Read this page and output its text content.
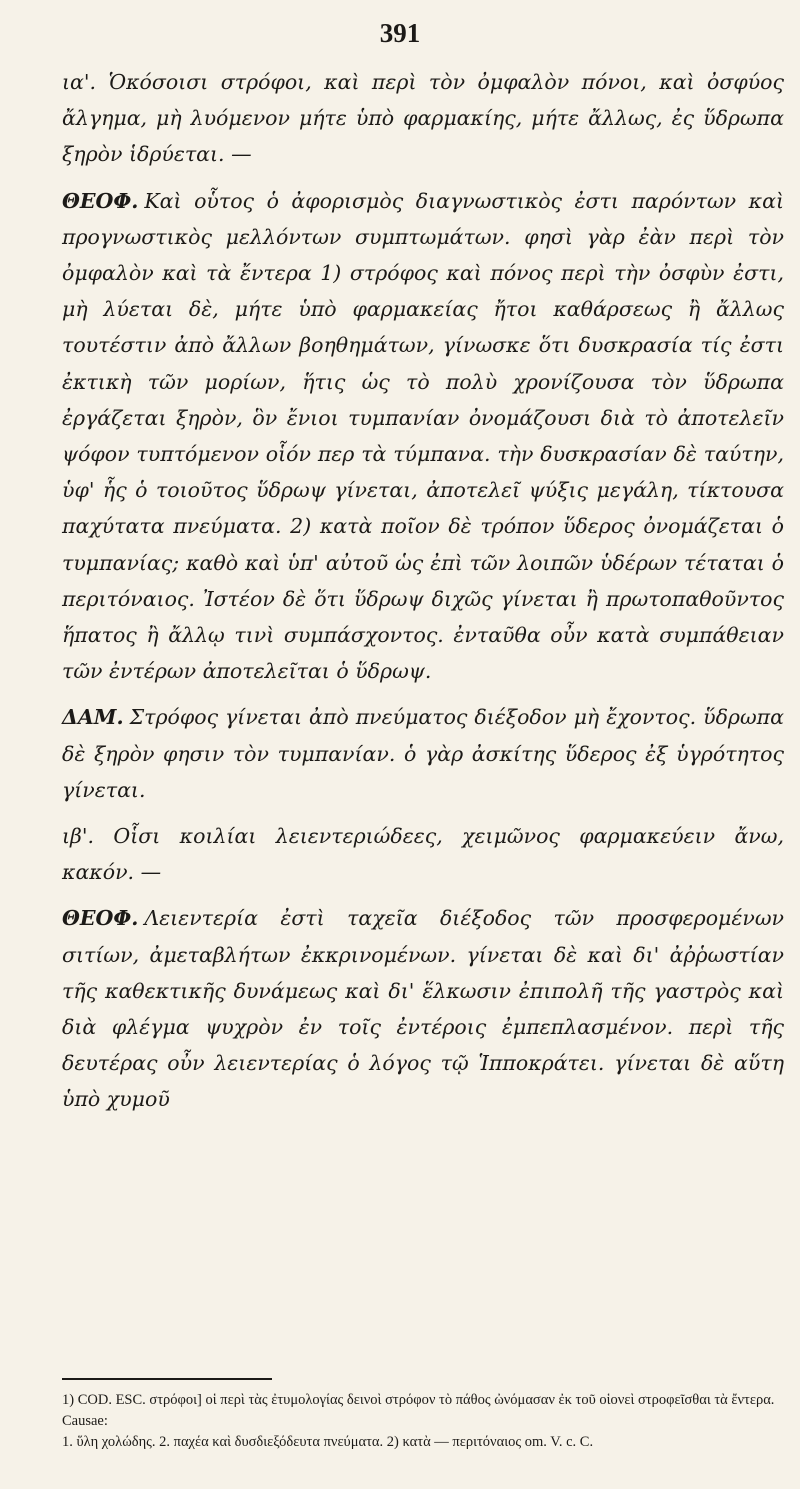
391

ια'. Ὁκόσοισι στρόφοι, καὶ περὶ τὸν ὀμφαλὸν πόνοι, καὶ ὀσφύος ἄλγημα, μὴ λυόμενον μήτε ὑπὸ φαρμακίης, μήτε ἄλλως, ἐς ὕδρωπα ξηρὸν ἱδρύεται. —

ΘΕΟΦ. Καὶ οὗτος ὁ ἀφορισμὸς διαγνωστικὸς ἐστι παρόντων καὶ προγνωστικὸς μελλόντων συμπτωμάτων. φησὶ γὰρ ἐὰν περὶ τὸν ὀμφαλὸν καὶ τὰ ἔντερα 1) στρόφος καὶ πόνος περὶ τὴν ὀσφὺν ἐστι, μὴ λύεται δὲ, μήτε ὑπὸ φαρμακείας ἤτοι καθάρσεως ἢ ἄλλως τουτέστιν ἀπὸ ἄλλων βοηθημάτων, γίνωσκε ὅτι δυσκρασία τίς ἐστι ἐκτικὴ τῶν μορίων, ἥτις ὡς τὸ πολὺ χρονίζουσα τὸν ὕδρωπα ἐργάζεται ξηρὸν, ὃν ἔνιοι τυμπανίαν ὀνομάζουσι διὰ τὸ ἀποτελεῖν ψόφον τυπτόμενον οἷόν περ τὰ τύμπανα. τὴν δυσκρασίαν δὲ ταύτην, ὑφ' ἧς ὁ τοιοῦτος ὕδρωψ γίνεται, ἀποτελεῖ ψύξις μεγάλη, τίκτουσα παχύτατα πνεύματα. 2) κατὰ ποῖον δὲ τρόπον ὕδερος ὀνομάζεται ὁ τυμπανίας; καθὸ καὶ ὑπ' αὐτοῦ ὡς ἐπὶ τῶν λοιπῶν ὑδέρων τέταται ὁ περιτόναιος. Ἰστέον δὲ ὅτι ὕδρωψ διχῶς γίνεται ἢ πρωτοπαθοῦντος ἥπατος ἢ ἄλλῳ τινὶ συμπάσχοντος. ἐνταῦθα οὖν κατὰ συμπάθειαν τῶν ἐντέρων ἀποτελεῖται ὁ ὕδρωψ.

ΔΑΜ. Στρόφος γίνεται ἀπὸ πνεύματος διέξοδον μὴ ἔχοντος. ὕδρωπα δὲ ξηρὸν φησιν τὸν τυμπανίαν. ὁ γὰρ ἀσκίτης ὕδερος ἐξ ὑγρότητος γίνεται.

ιβ'. Οἷσι κοιλίαι λειεντεριώδεες, χειμῶνος φαρμακεύειν ἄνω, κακόν. —

ΘΕΟΦ. Λειεντερία ἐστὶ ταχεῖα διέξοδος τῶν προσφερομένων σιτίων, ἀμεταβλήτων ἐκκρινομένων. γίνεται δὲ καὶ δι' ἀῤῥωστίαν τῆς καθεκτικῆς δυνάμεως καὶ δι' ἕλκωσιν ἐπιπολῆ τῆς γαστρὸς καὶ διὰ φλέγμα ψυχρὸν ἐν τοῖς ἐντέροις ἐμπεπλασμένον. περὶ τῆς δευτέρας οὖν λειεντερίας ὁ λόγος τῷ Ἱπποκράτει. γίνεται δὲ αὕτη ὑπὸ χυμοῦ

1) COD. ESC. στρόφοι] οἱ περὶ τὰς ἐτυμολογίας δεινοὶ στρόφον τὸ πάθος ὠνόμασαν ἐκ τοῦ οἱονεὶ στροφεῖσθαι τὰ ἔντερα. Causae:

1. ὕλη χολώδης. 2. παχέα καὶ δυσδιεξόδευτα πνεύματα. 2) κατὰ — περιτόναιος om. V. c. C.
